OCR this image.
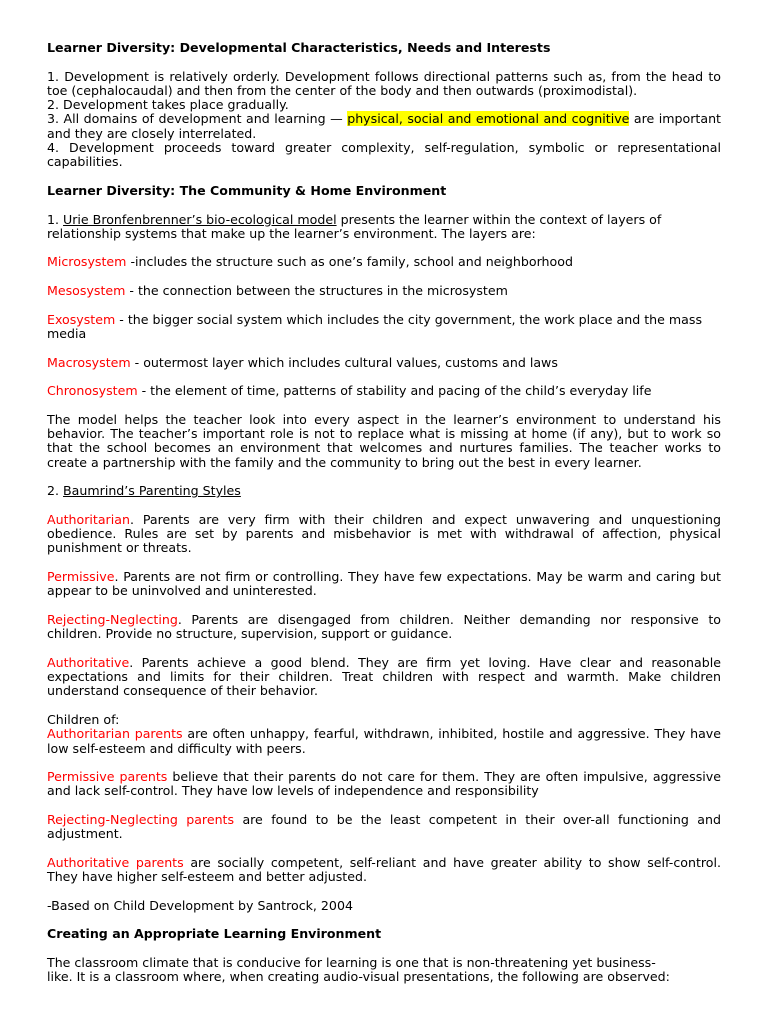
Learner Diversity: Developmental Characteristics, Needs and Interests

1. Development is relatively orderly. Development follows directional patterns such as, from the head to toe (cephalocaudal) and then from the center of the body and then outwards (proximodistal).

2. Development takes place gradually.

3. All domains of development and learning — physical, social and emotional and cognitive are important and they are closely interrelated.

4. Development proceeds toward greater complexity, self-regulation, symbolic or representational capabilities.

Learner Diversity: The Community & Home Environment

1. Urie Bronfenbrenner’s bio-ecological model presents the learner within the context of layers of relationship systems that make up the learner’s environment. The layers are:

Microsystem -includes the structure such as one’s family, school and neighborhood

Mesosystem - the connection between the structures in the microsystem

Exosystem - the bigger social system which includes the city government, the work place and the mass media

Macrosystem - outermost layer which includes cultural values, customs and laws

Chronosystem - the element of time, patterns of stability and pacing of the child’s everyday life

The model helps the teacher look into every aspect in the learner’s environment to understand his behavior. The teacher’s important role is not to replace what is missing at home (if any), but to work so that the school becomes an environment that welcomes and nurtures families. The teacher works to create a partnership with the family and the community to bring out the best in every learner.

2. Baumrind’s Parenting Styles

Authoritarian. Parents are very firm with their children and expect unwavering and unquestioning obedience. Rules are set by parents and misbehavior is met with withdrawal of affection, physical punishment or threats.

Permissive. Parents are not firm or controlling. They have few expectations. May be warm and caring but appear to be uninvolved and uninterested.

Rejecting-Neglecting. Parents are disengaged from children. Neither demanding nor responsive to children. Provide no structure, supervision, support or guidance.

Authoritative. Parents achieve a good blend. They are firm yet loving. Have clear and reasonable expectations and limits for their children. Treat children with respect and warmth. Make children understand consequence of their behavior.

Children of:

Authoritarian parents are often unhappy, fearful, withdrawn, inhibited, hostile and aggressive. They have low self-esteem and difficulty with peers.

Permissive parents believe that their parents do not care for them. They are often impulsive, aggressive and lack self-control. They have low levels of independence and responsibility

Rejecting-Neglecting parents are found to be the least competent in their over-all functioning and adjustment.

Authoritative parents are socially competent, self-reliant and have greater ability to show self-control. They have higher self-esteem and better adjusted.

-Based on Child Development by Santrock, 2004

Creating an Appropriate Learning Environment

The classroom climate that is conducive for learning is one that is non-threatening yet business-

like. It is a classroom where, when creating audio-visual presentations, the following are observed:
